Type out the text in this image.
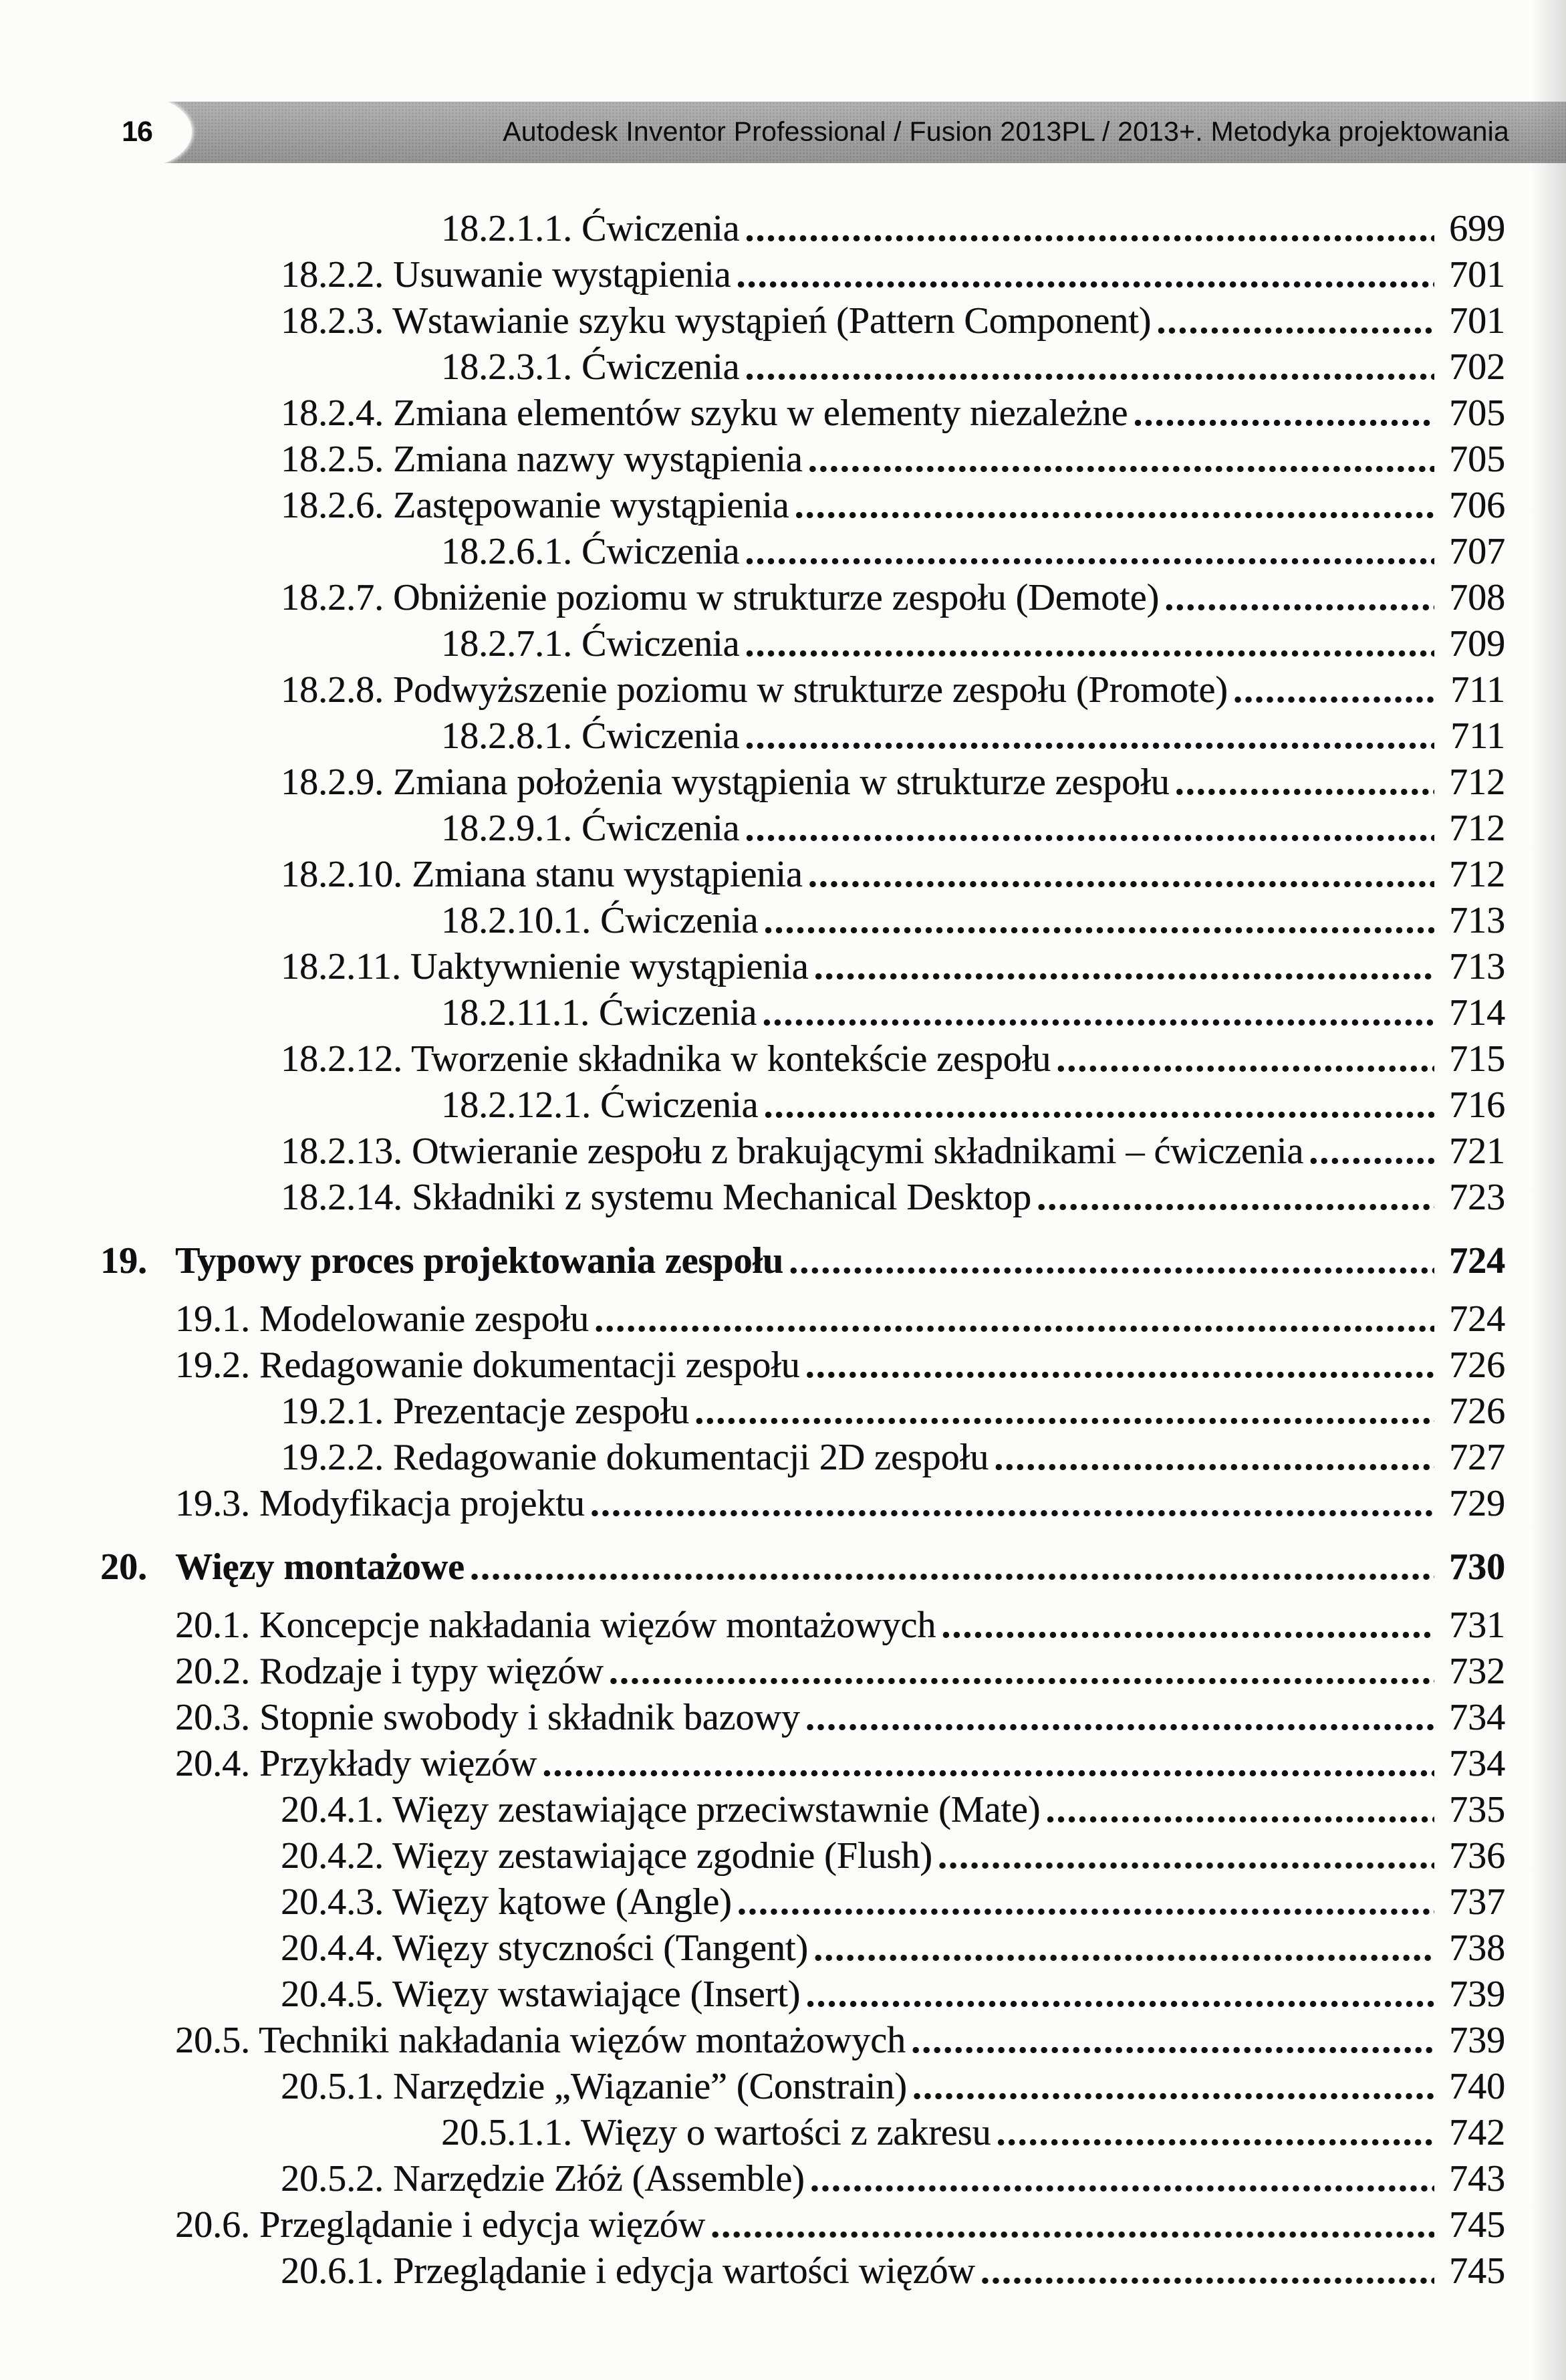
Autodesk Inventor Professional / Fusion 2013PL / 2013+. Metodyka projektowania
16
18.2.1.1. Ćwiczenia .....	699
18.2.2. Usuwanie wystąpienia .....	701
18.2.3. Wstawianie szyku wystąpień (Pattern Component) .....	701
18.2.3.1. Ćwiczenia .....	702
18.2.4. Zmiana elementów szyku w elementy niezależne .....	705
18.2.5. Zmiana nazwy wystąpienia .....	705
18.2.6. Zastępowanie wystąpienia .....	706
18.2.6.1. Ćwiczenia .....	707
18.2.7. Obniżenie poziomu w strukturze zespołu (Demote) .....	708
18.2.7.1. Ćwiczenia .....	709
18.2.8. Podwyższenie poziomu w strukturze zespołu (Promote) .....	711
18.2.8.1. Ćwiczenia .....	711
18.2.9. Zmiana położenia wystąpienia w strukturze zespołu .....	712
18.2.9.1. Ćwiczenia .....	712
18.2.10. Zmiana stanu wystąpienia .....	712
18.2.10.1. Ćwiczenia .....	713
18.2.11. Uaktywnienie wystąpienia .....	713
18.2.11.1. Ćwiczenia .....	714
18.2.12. Tworzenie składnika w kontekście zespołu .....	715
18.2.12.1. Ćwiczenia .....	716
18.2.13. Otwieranie zespołu z brakującymi składnikami – ćwiczenia .....	721
18.2.14. Składniki z systemu Mechanical Desktop .....	723
19. Typowy proces projektowania zespołu .....	724
19.1. Modelowanie zespołu .....	724
19.2. Redagowanie dokumentacji zespołu .....	726
19.2.1. Prezentacje zespołu .....	726
19.2.2. Redagowanie dokumentacji 2D zespołu .....	727
19.3. Modyfikacja projektu .....	729
20. Więzy montażowe .....	730
20.1. Koncepcje nakładania więzów montażowych .....	731
20.2. Rodzaje i typy więzów .....	732
20.3. Stopnie swobody i składnik bazowy .....	734
20.4. Przykłady więzów .....	734
20.4.1. Więzy zestawiające przeciwstawnie (Mate) .....	735
20.4.2. Więzy zestawiające zgodnie (Flush) .....	736
20.4.3. Więzy kątowe (Angle) .....	737
20.4.4. Więzy styczności (Tangent) .....	738
20.4.5. Więzy wstawiające (Insert) .....	739
20.5. Techniki nakładania więzów montażowych .....	739
20.5.1. Narzędzie „Wiązanie” (Constrain) .....	740
20.5.1.1. Więzy o wartości z zakresu .....	742
20.5.2. Narzędzie Złóż (Assemble) .....	743
20.6. Przeglądanie i edycja więzów .....	745
20.6.1. Przeglądanie i edycja wartości więzów .....	745
